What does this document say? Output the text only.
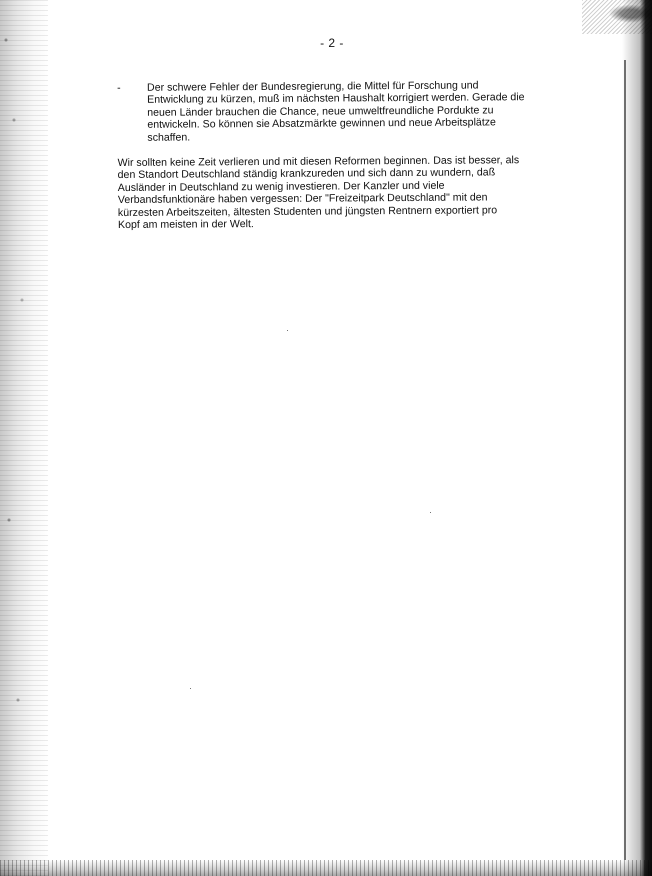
- 2 -
-	Der schwere Fehler der Bundesregierung, die Mittel für Forschung und
Entwicklung zu kürzen, muß im nächsten Haushalt korrigiert werden. Gerade die
neuen Länder brauchen die Chance, neue umweltfreundliche Pordukte zu
entwickeln. So können sie Absatzmärkte gewinnen und neue Arbeitsplätze
schaffen.
Wir sollten keine Zeit verlieren und mit diesen Reformen beginnen. Das ist besser, als
den Standort Deutschland ständig krankzureden und sich dann zu wundern, daß
Ausländer in Deutschland zu wenig investieren. Der Kanzler und viele
Verbandsfunktionäre haben vergessen: Der "Freizeitpark Deutschland" mit den
kürzesten Arbeitszeiten, ältesten Studenten und jüngsten Rentnern exportiert pro
Kopf am meisten in der Welt.
